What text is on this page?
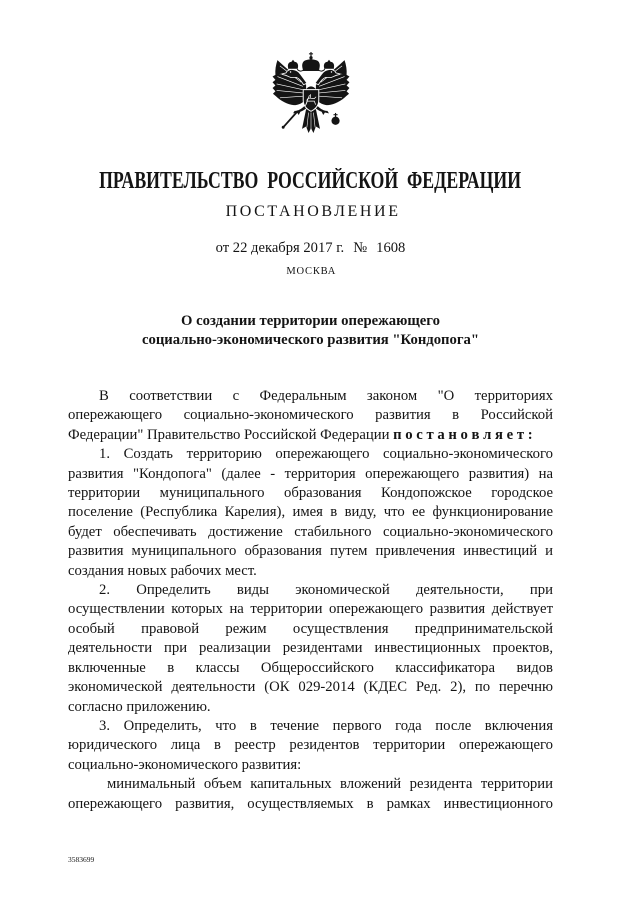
ПРАВИТЕЛЬСТВО РОССИЙСКОЙ ФЕДЕРАЦИИ
ПОСТАНОВЛЕНИЕ
от 22 декабря 2017 г. № 1608
МОСКВА
О создании территории опережающего
социально-экономического развития "Кондопога"
В соответствии с Федеральным законом "О территориях
опережающего социально-экономического развития в Российской
Федерации" Правительство Российской Федерации п о с т а н о в л я е т :
1. Создать территорию опережающего социально-экономического
развития "Кондопога" (далее - территория опережающего развития) на
территории муниципального образования Кондопожское городское
поселение (Республика Карелия), имея в виду, что ее функционирование
будет обеспечивать достижение стабильного социально-экономического
развития муниципального образования путем привлечения инвестиций и
создания новых рабочих мест.
2. Определить виды экономической деятельности, при
осуществлении которых на территории опережающего развития действует
особый правовой режим осуществления предпринимательской
деятельности при реализации резидентами инвестиционных проектов,
включенные в классы Общероссийского классификатора видов
экономической деятельности (ОК 029-2014 (КДЕС Ред. 2), по перечню
согласно приложению.
3. Определить, что в течение первого года после включения
юридического лица в реестр резидентов территории опережающего
социально-экономического развития:
минимальный объем капитальных вложений резидента территории
опережающего развития, осуществляемых в рамках инвестиционного
3583699
